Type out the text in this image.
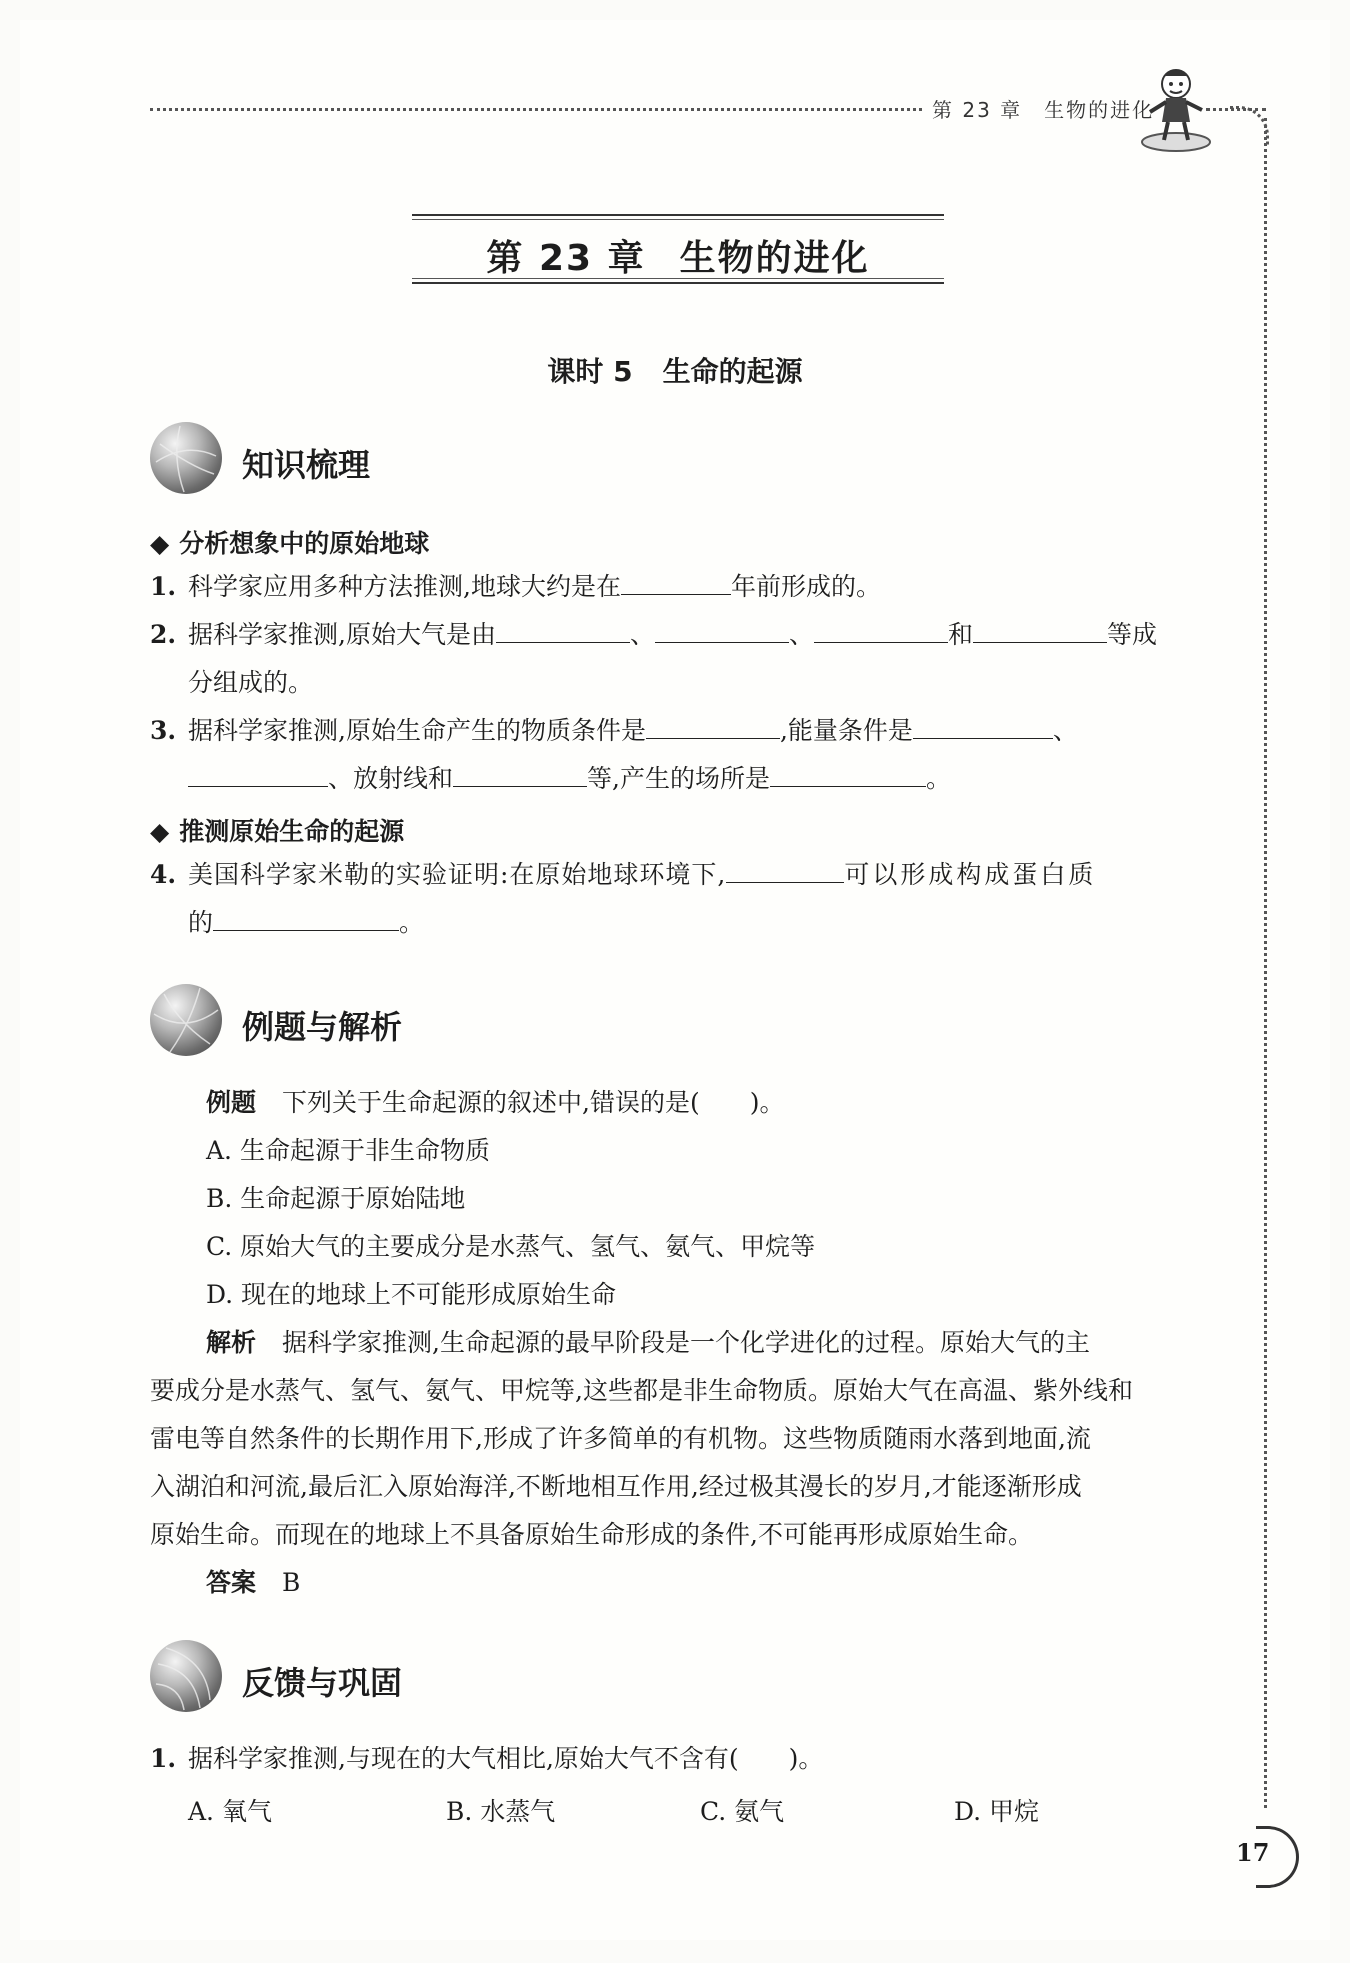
第 23 章 生物的进化
第 23 章 生物的进化
课时 5 生命的起源
知识梳理
◆ 分析想象中的原始地球
1. 科学家应用多种方法推测,地球大约是在	年前形成的。
2. 据科学家推测,原始大气是由	、	、	和	等成
分组成的。
3. 据科学家推测,原始生命产生的物质条件是	,能量条件是	、
、放射线和	等,产生的场所是	。
◆ 推测原始生命的起源
4. 美国科学家米勒的实验证明:在原始地球环境下,	可以形成构成蛋白质
的	。
例题与解析
例题 下列关于生命起源的叙述中,错误的是( )。
A. 生命起源于非生命物质
B. 生命起源于原始陆地
C. 原始大气的主要成分是水蒸气、氢气、氨气、甲烷等
D. 现在的地球上不可能形成原始生命
解析 据科学家推测,生命起源的最早阶段是一个化学进化的过程。原始大气的主
要成分是水蒸气、氢气、氨气、甲烷等,这些都是非生命物质。原始大气在高温、紫外线和
雷电等自然条件的长期作用下,形成了许多简单的有机物。这些物质随雨水落到地面,流
入湖泊和河流,最后汇入原始海洋,不断地相互作用,经过极其漫长的岁月,才能逐渐形成
原始生命。而现在的地球上不具备原始生命形成的条件,不可能再形成原始生命。
答案 B
反馈与巩固
1. 据科学家推测,与现在的大气相比,原始大气不含有( )。
A. 氧气	B. 水蒸气	C. 氨气	D. 甲烷
17
